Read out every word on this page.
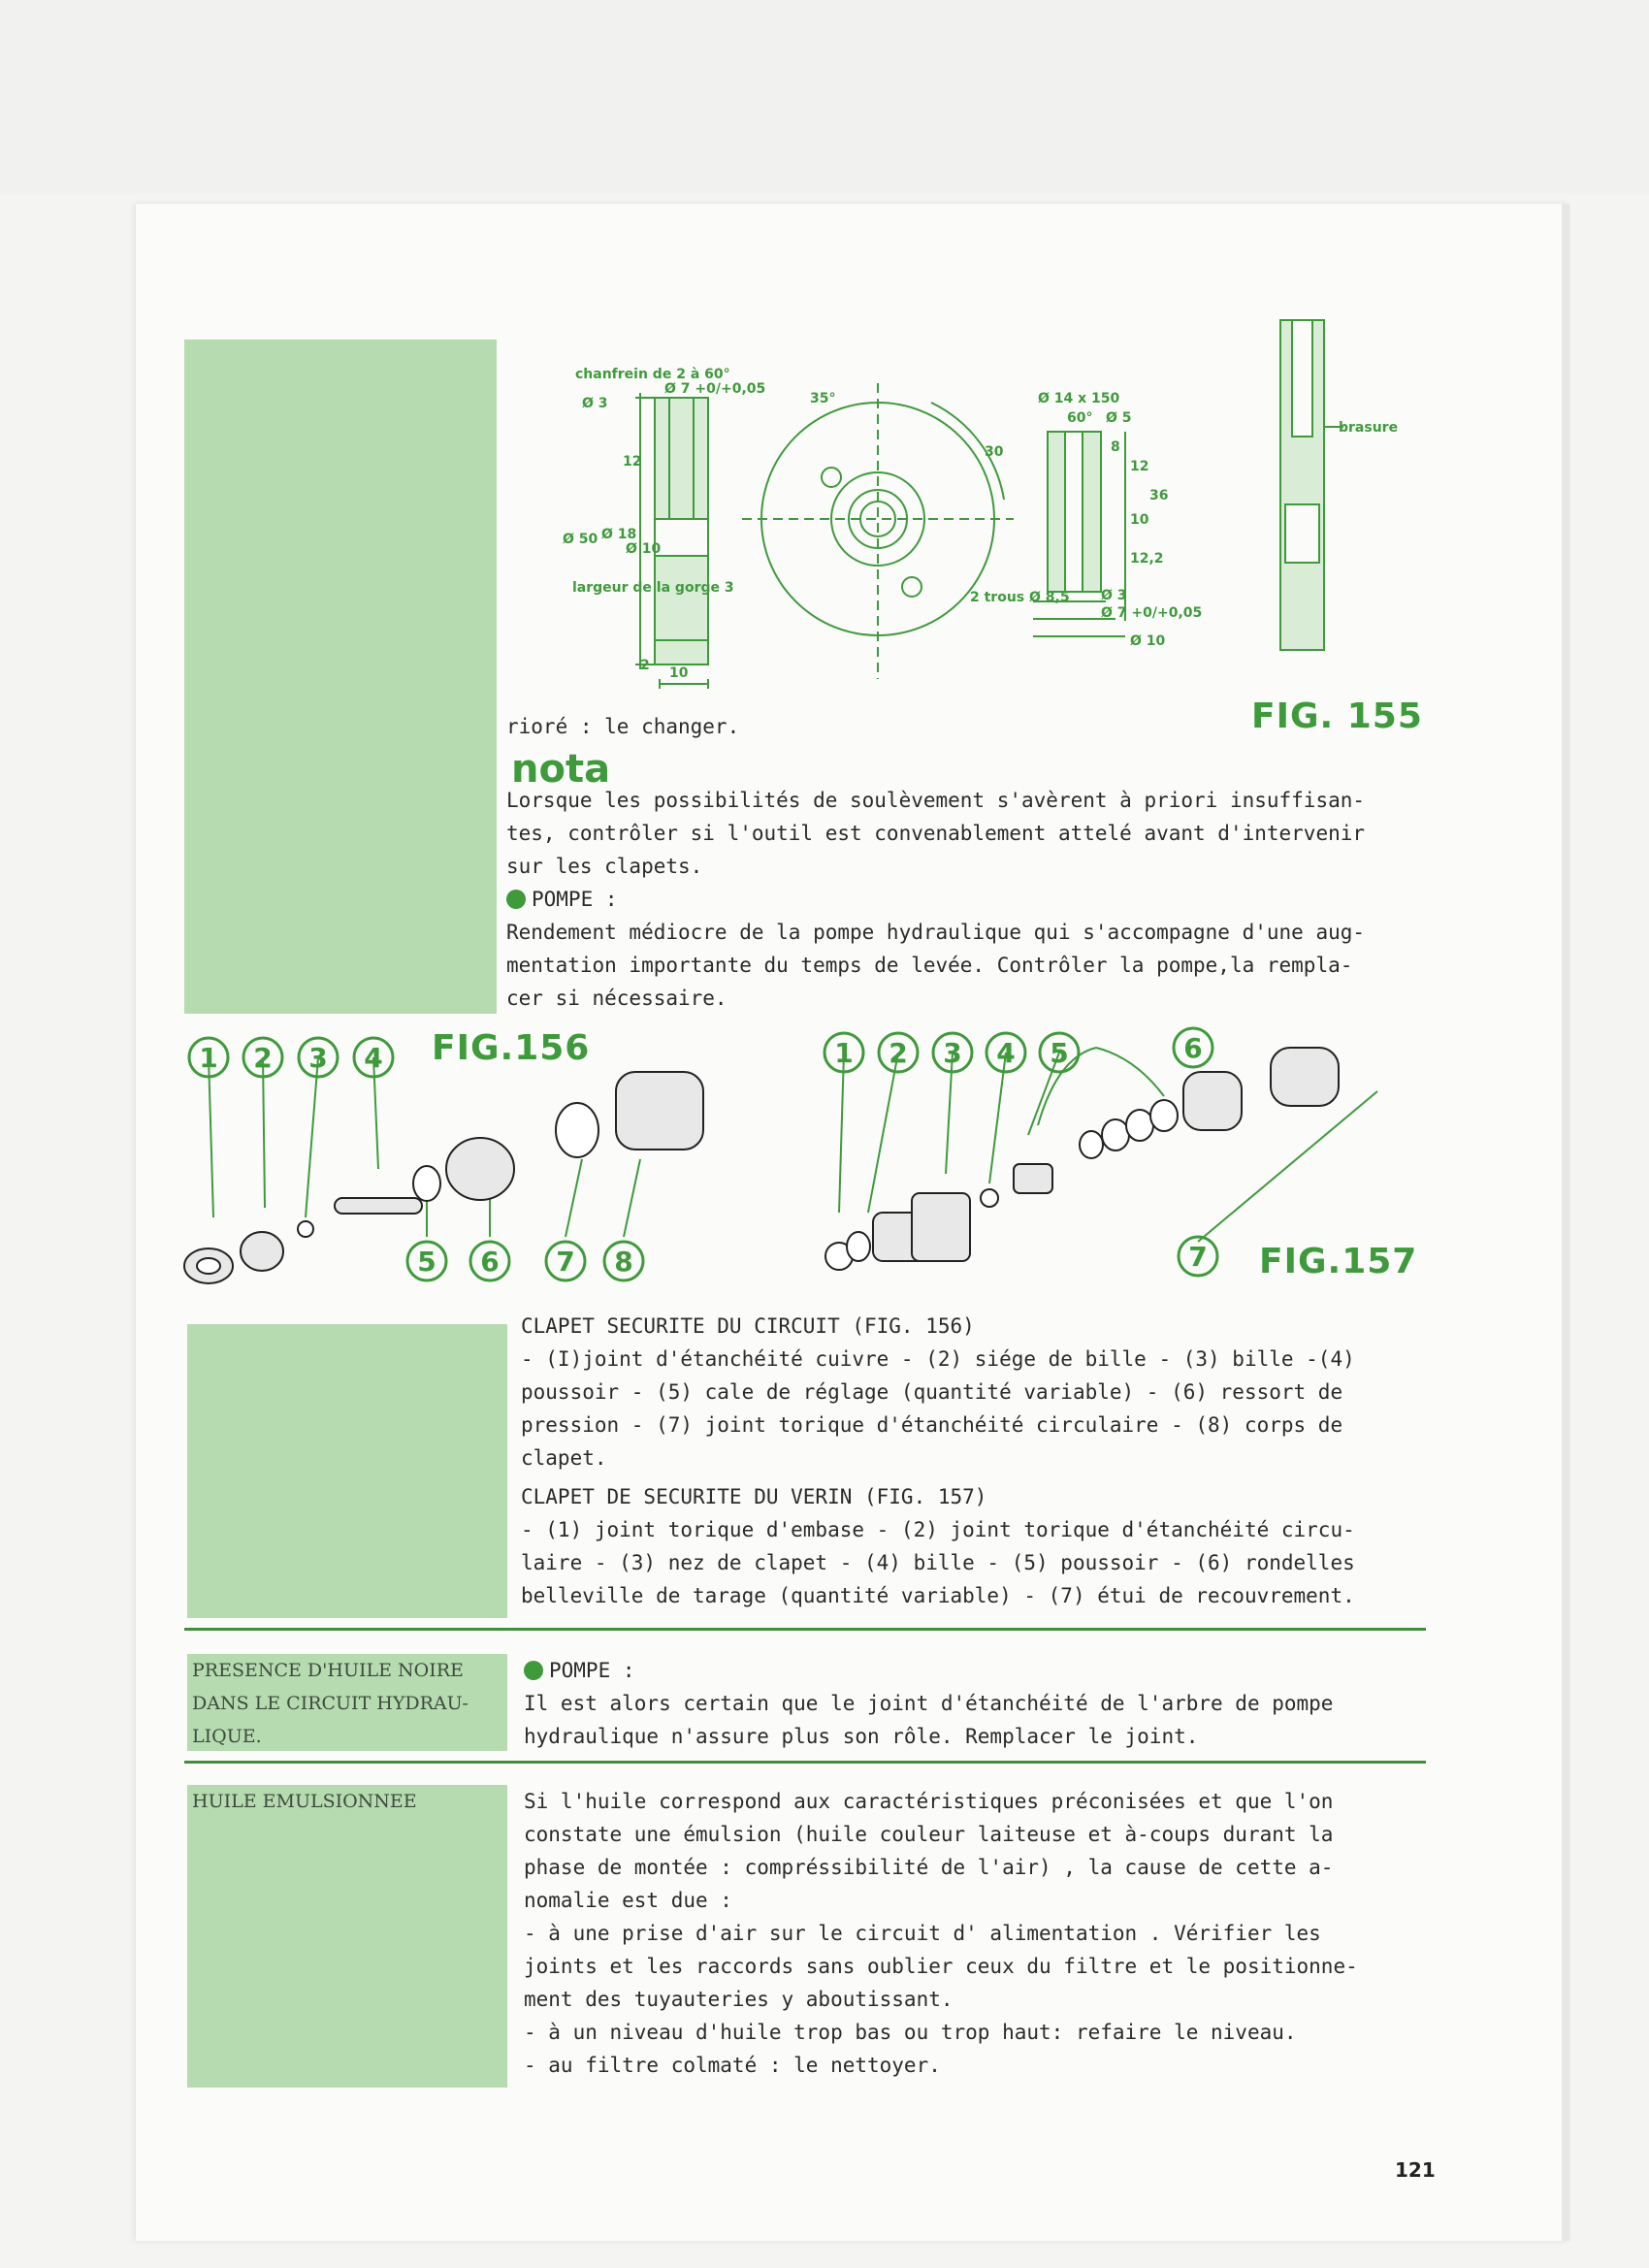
chanfrein de 2 à 60°
Ø 7 +0/+0,05
Ø 3	35°
30
12
Ø 50 Ø 18
Ø 10
largeur de la gorge 3
2 10
2 trous Ø 8,5
Ø 14 x 150
60° Ø 5
8
12
36
10
12,2
Ø 3
Ø 7 +0/+0,05
Ø 10
brasure
FIG. 155

rioré : le changer.

nota

Lorsque les possibilités de soulèvement s'avèrent à priori insuffisan-

tes, contrôler si l'outil est convenablement attelé avant d'intervenir

sur les clapets.

POMPE :

Rendement médiocre de la pompe hydraulique qui s'accompagne d'une aug-

mentation importante du temps de levée. Contrôler la pompe,la rempla-

cer si nécessaire.

1 2 3 4
5 6 7 8
FIG.156	1 2 3 4 5	6
7 FIG.157

CLAPET SECURITE DU CIRCUIT (FIG. 156)

- (I)joint d'étanchéité cuivre - (2) siége de bille - (3) bille -(4)

poussoir - (5) cale de réglage (quantité variable) - (6) ressort de

pression - (7) joint torique d'étanchéité circulaire - (8) corps de

clapet.

CLAPET DE SECURITE DU VERIN (FIG. 157)

- (1) joint torique d'embase - (2) joint torique d'étanchéité circu-

laire - (3) nez de clapet - (4) bille - (5) poussoir - (6) rondelles

belleville de tarage (quantité variable) - (7) étui de recouvrement.

PRESENCE D'HUILE NOIRE

DANS LE CIRCUIT HYDRAU-

LIQUE.

POMPE :

Il est alors certain que le joint d'étanchéité de l'arbre de pompe

hydraulique n'assure plus son rôle. Remplacer le joint.

HUILE EMULSIONNEE	Si l'huile correspond aux caractéristiques préconisées et que l'on

constate une émulsion (huile couleur laiteuse et à-coups durant la

phase de montée : compréssibilité de l'air) , la cause de cette a-

nomalie est due :

- à une prise d'air sur le circuit d' alimentation . Vérifier les

joints et les raccords sans oublier ceux du filtre et le positionne-

ment des tuyauteries y aboutissant.

- à un niveau d'huile trop bas ou trop haut: refaire le niveau.

- au filtre colmaté : le nettoyer.

121
